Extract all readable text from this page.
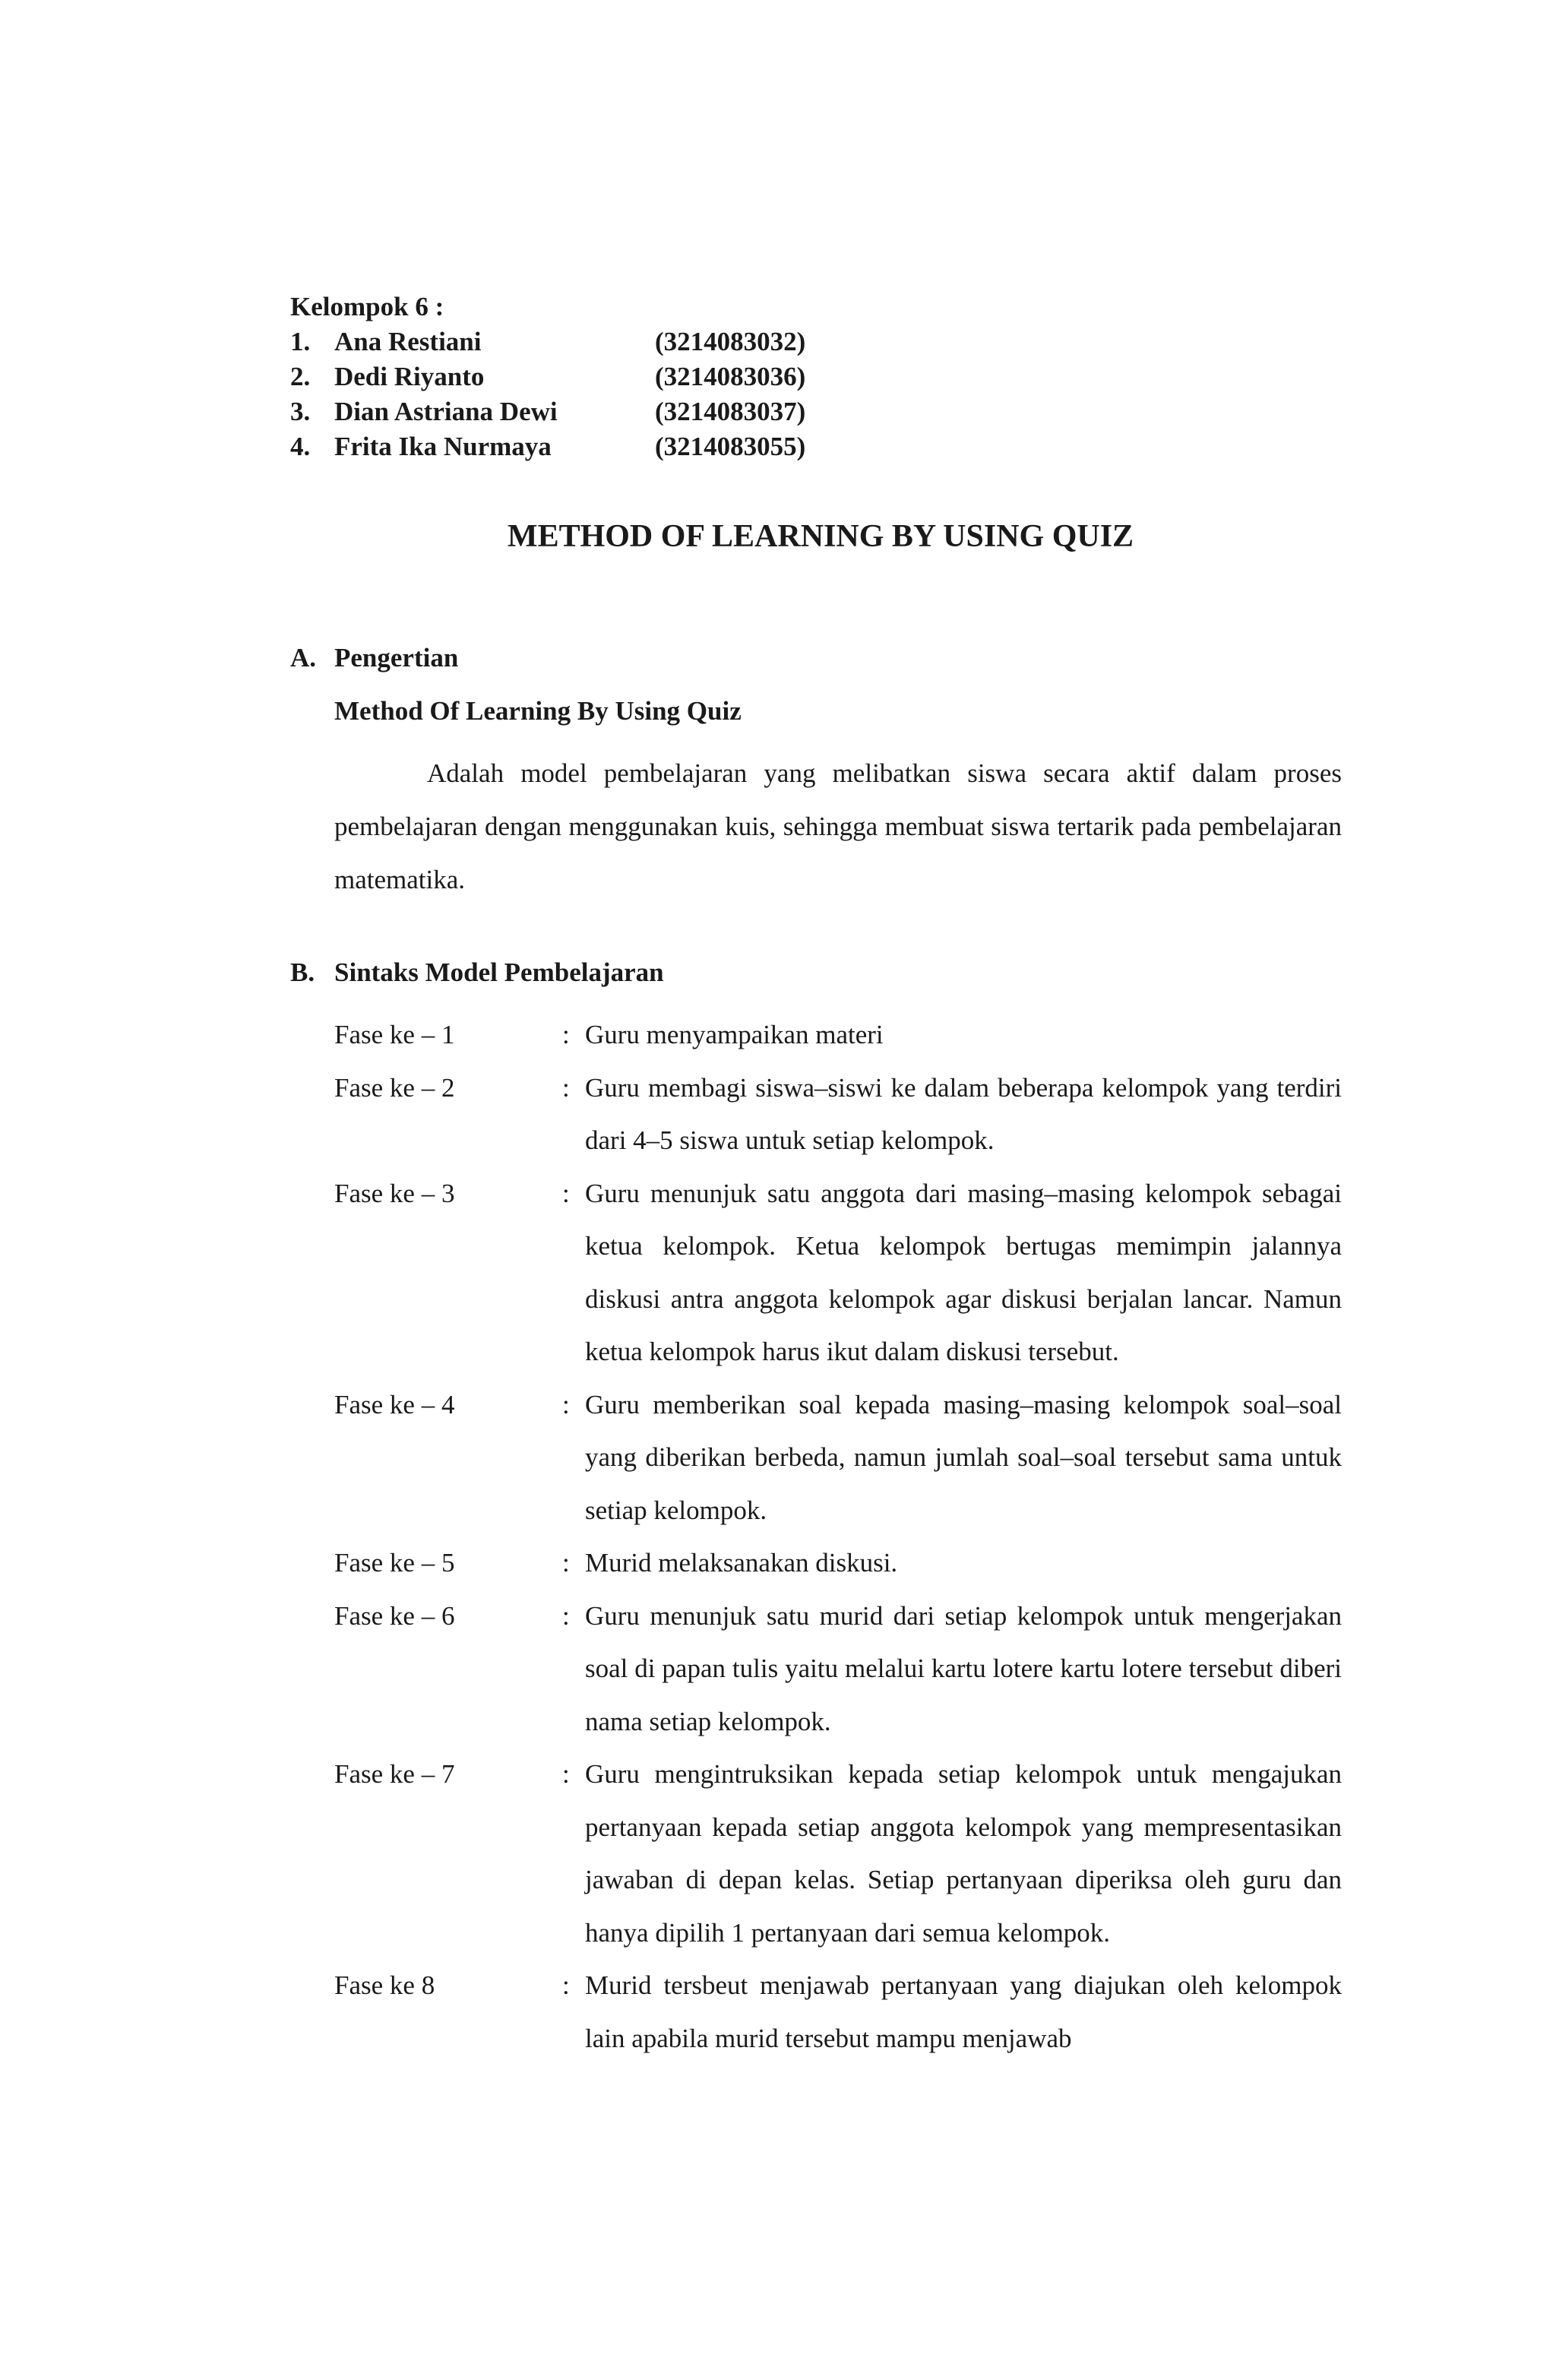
Kelompok 6 :
1. Ana Restiani	(3214083032)
2. Dedi Riyanto	(3214083036)
3. Dian Astriana Dewi	(3214083037)
4. Frita Ika Nurmaya	(3214083055)
METHOD OF LEARNING BY USING QUIZ
A. Pengertian
Method Of Learning By Using Quiz
Adalah model pembelajaran yang melibatkan siswa secara aktif dalam proses pembelajaran dengan menggunakan kuis, sehingga membuat siswa tertarik pada pembelajaran matematika.
B. Sintaks Model Pembelajaran
Fase ke – 1	: Guru menyampaikan materi
Fase ke – 2	: Guru membagi siswa–siswi ke dalam beberapa kelompok yang terdiri dari 4–5 siswa untuk setiap kelompok.
Fase ke – 3	: Guru menunjuk satu anggota dari masing–masing kelompok sebagai ketua kelompok. Ketua kelompok bertugas memimpin jalannya diskusi antra anggota kelompok agar diskusi berjalan lancar. Namun ketua kelompok harus ikut dalam diskusi tersebut.
Fase ke – 4	: Guru memberikan soal kepada masing–masing kelompok soal–soal yang diberikan berbeda, namun jumlah soal–soal tersebut sama untuk setiap kelompok.
Fase ke – 5	: Murid melaksanakan diskusi.
Fase ke – 6	: Guru menunjuk satu murid dari setiap kelompok untuk mengerjakan soal di papan tulis yaitu melalui kartu lotere kartu lotere tersebut diberi nama setiap kelompok.
Fase ke – 7	: Guru mengintruksikan kepada setiap kelompok untuk mengajukan pertanyaan kepada setiap anggota kelompok yang mempresentasikan jawaban di depan kelas. Setiap pertanyaan diperiksa oleh guru dan hanya dipilih 1 pertanyaan dari semua kelompok.
Fase ke 8	: Murid tersbeut menjawab pertanyaan yang diajukan oleh kelompok lain apabila murid tersebut mampu menjawab
